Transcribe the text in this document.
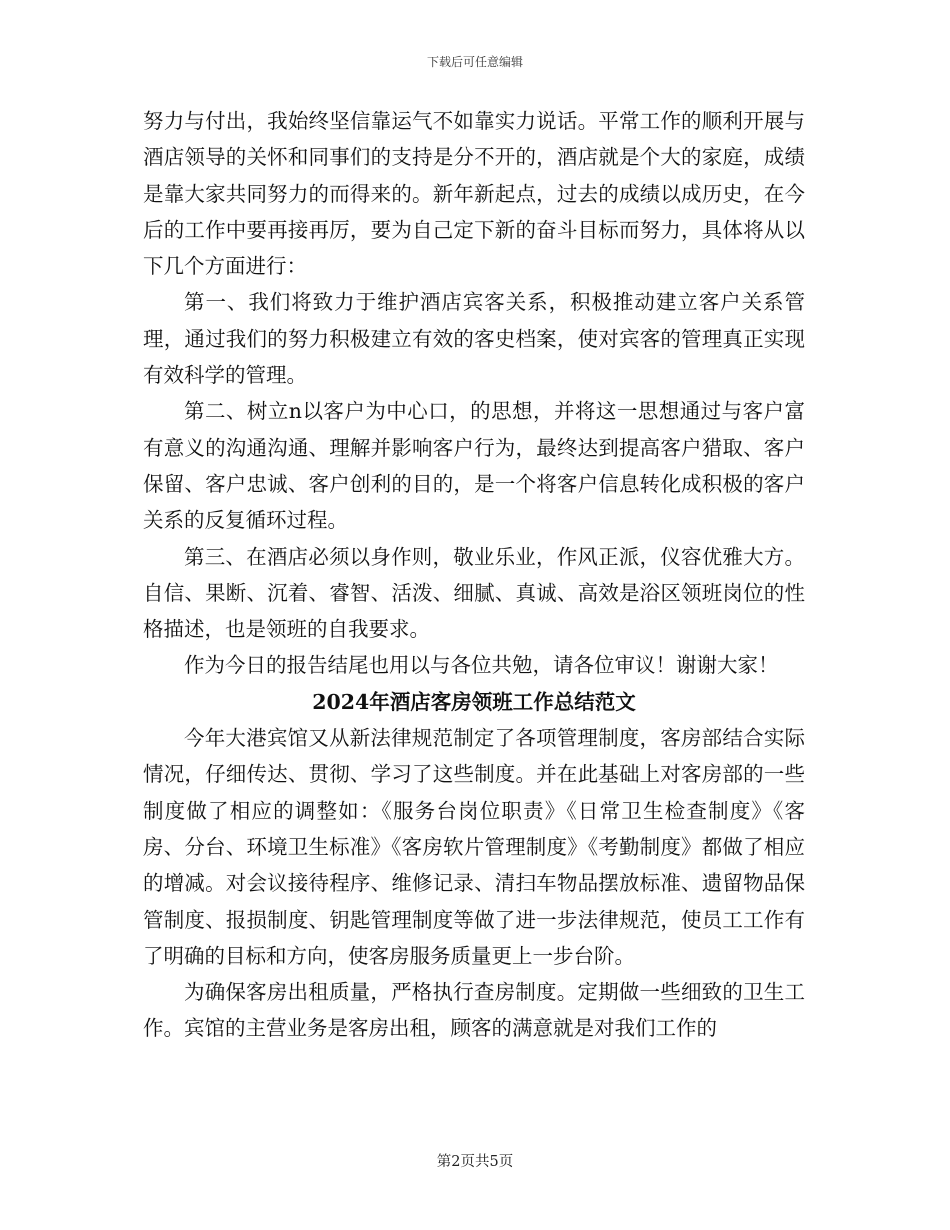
下载后可任意编辑

努力与付出，我始终坚信靠运气不如靠实力说话。平常工作的顺利开展与酒店领导的关怀和同事们的支持是分不开的，酒店就是个大的家庭，成绩是靠大家共同努力的而得来的。新年新起点，过去的成绩以成历史，在今后的工作中要再接再厉，要为自己定下新的奋斗目标而努力，具体将从以下几个方面进行：

第一、我们将致力于维护酒店宾客关系，积极推动建立客户关系管理，通过我们的努力积极建立有效的客史档案，使对宾客的管理真正实现有效科学的管理。

第二、树立n以客户为中心口，的思想，并将这一思想通过与客户富有意义的沟通沟通、理解并影响客户行为，最终达到提高客户猎取、客户保留、客户忠诚、客户创利的目的，是一个将客户信息转化成积极的客户关系的反复循环过程。

第三、在酒店必须以身作则，敬业乐业，作风正派，仪容优雅大方。自信、果断、沉着、睿智、活泼、细腻、真诚、高效是浴区领班岗位的性格描述，也是领班的自我要求。

作为今日的报告结尾也用以与各位共勉，请各位审议！谢谢大家！

2024年酒店客房领班工作总结范文

今年大港宾馆又从新法律规范制定了各项管理制度，客房部结合实际情况，仔细传达、贯彻、学习了这些制度。并在此基础上对客房部的一些制度做了相应的调整如：《服务台岗位职责》《日常卫生检查制度》《客房、分台、环境卫生标准》《客房软片管理制度》《考勤制度》都做了相应的增减。对会议接待程序、维修记录、清扫车物品摆放标准、遗留物品保管制度、报损制度、钥匙管理制度等做了进一步法律规范，使员工工作有了明确的目标和方向，使客房服务质量更上一步台阶。

为确保客房出租质量，严格执行查房制度。定期做一些细致的卫生工作。宾馆的主营业务是客房出租，顾客的满意就是对我们工作的

第2页共5页
